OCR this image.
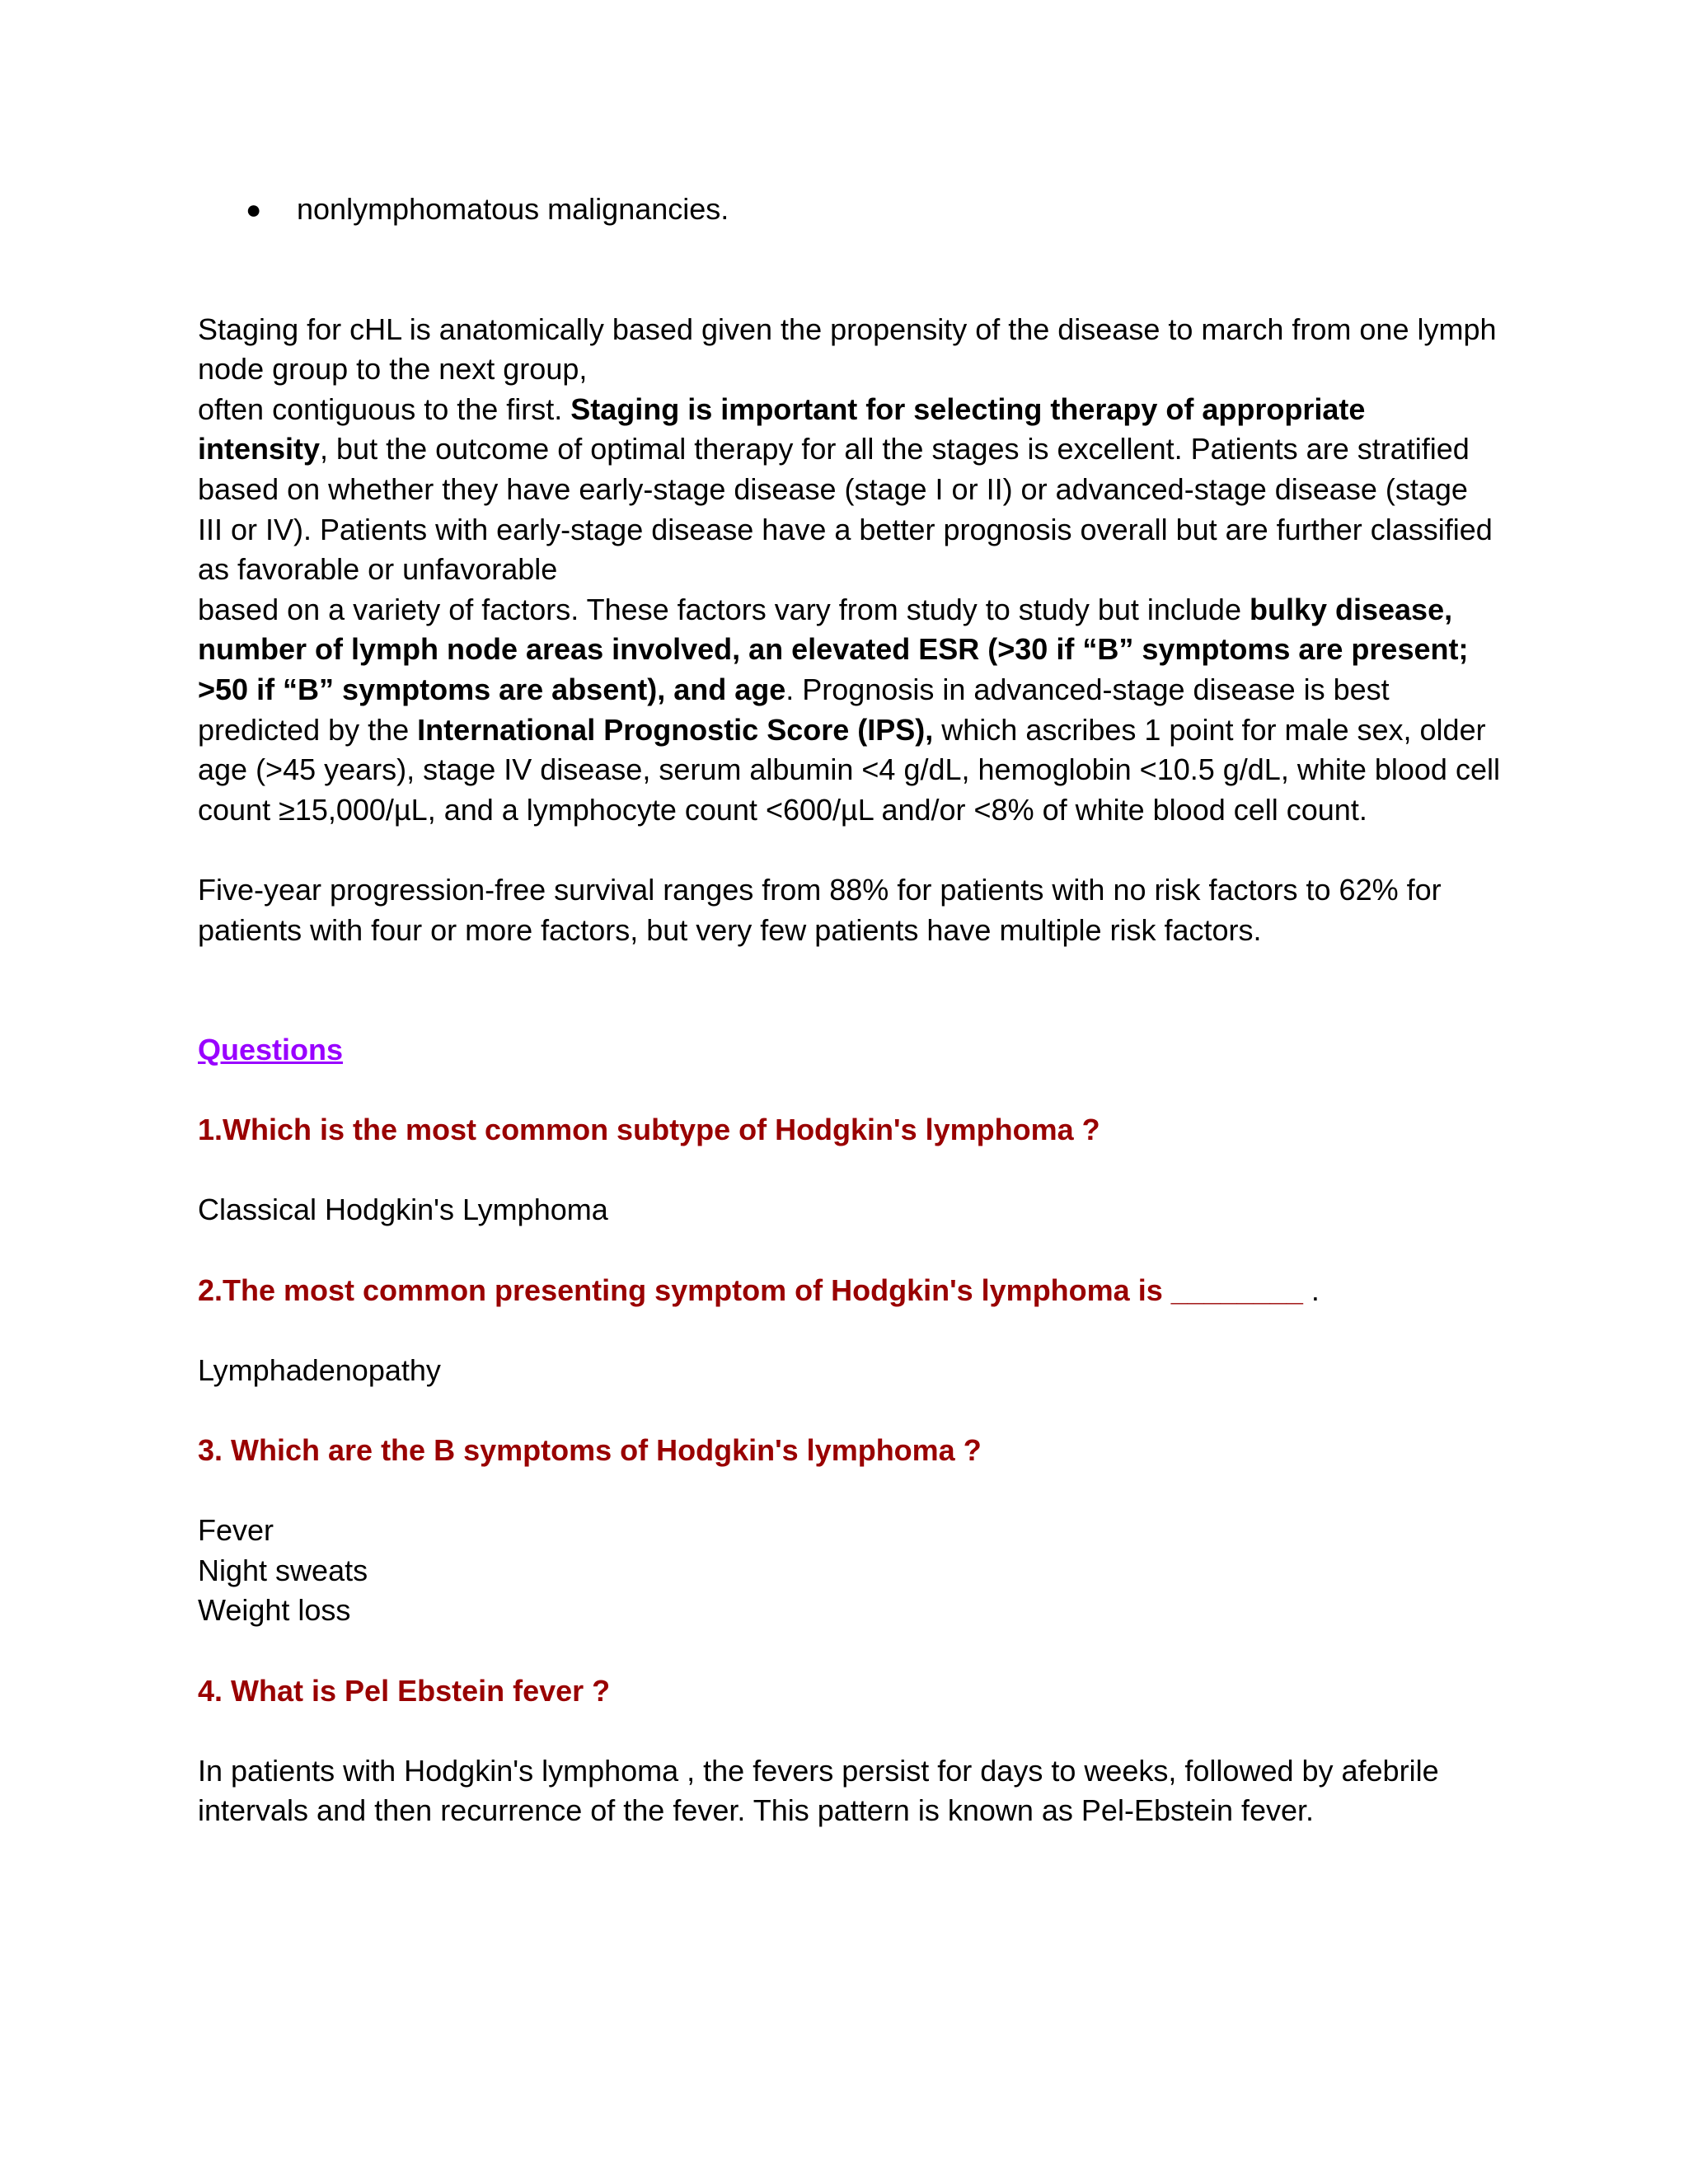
● nonlymphomatous malignancies.

Staging for cHL is anatomically based given the propensity of the disease to march from one lymph node group to the next group,
often contiguous to the first. Staging is important for selecting therapy of appropriate intensity, but the outcome of optimal therapy for all the stages is excellent. Patients are stratified based on whether they have early-stage disease (stage I or II) or advanced-stage disease (stage III or IV). Patients with early-stage disease have a better prognosis overall but are further classified as favorable or unfavorable
based on a variety of factors. These factors vary from study to study but include bulky disease, number of lymph node areas involved, an elevated ESR (>30 if “B” symptoms are present; >50 if “B” symptoms are absent), and age. Prognosis in advanced-stage disease is best predicted by the International Prognostic Score (IPS), which ascribes 1 point for male sex, older age (>45 years), stage IV disease, serum albumin <4 g/dL, hemoglobin <10.5 g/dL, white blood cell count ≥15,000/µL, and a lymphocyte count <600/µL and/or <8% of white blood cell count.

Five-year progression-free survival ranges from 88% for patients with no risk factors to 62% for patients with four or more factors, but very few patients have multiple risk factors.

Questions

1.Which is the most common subtype of Hodgkin's lymphoma ?

Classical Hodgkin's Lymphoma

2.The most common presenting symptom of Hodgkin's lymphoma is ________ .

Lymphadenopathy

3. Which are the B symptoms of Hodgkin's lymphoma ?

Fever

Night sweats

Weight loss

4. What is Pel Ebstein fever ?

In patients with Hodgkin's lymphoma , the fevers persist for days to weeks, followed by afebrile intervals and then recurrence of the fever. This pattern is known as Pel-Ebstein fever.
